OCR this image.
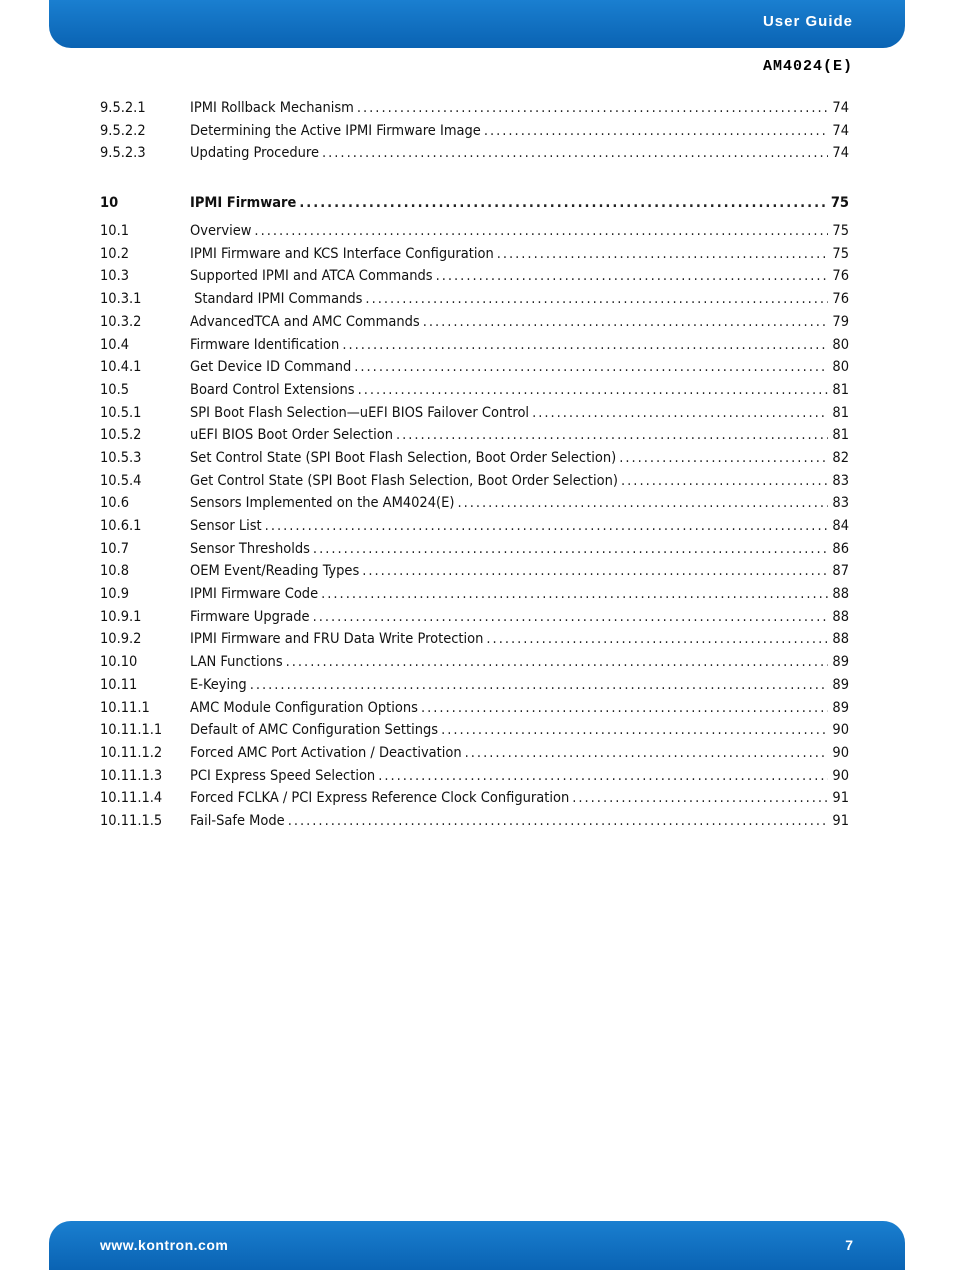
User Guide
AM4024(E)
9.5.2.1	IPMI Rollback Mechanism .....	74
9.5.2.2	Determining the Active IPMI Firmware Image .....	74
9.5.2.3	Updating Procedure .....	74
10	IPMI Firmware .....	75
10.1	Overview .....	75
10.2	IPMI Firmware and KCS Interface Configuration .....	75
10.3	Supported IPMI and ATCA Commands .....	76
10.3.1	Standard IPMI Commands .....	76
10.3.2	AdvancedTCA and AMC Commands .....	79
10.4	Firmware Identification .....	80
10.4.1	Get Device ID Command .....	80
10.5	Board Control Extensions .....	81
10.5.1	SPI Boot Flash Selection—uEFI BIOS Failover Control .....	81
10.5.2	uEFI BIOS Boot Order Selection .....	81
10.5.3	Set Control State (SPI Boot Flash Selection, Boot Order Selection) .....	82
10.5.4	Get Control State (SPI Boot Flash Selection, Boot Order Selection) .....	83
10.6	Sensors Implemented on the AM4024(E) .....	83
10.6.1	Sensor List .....	84
10.7	Sensor Thresholds .....	86
10.8	OEM Event/Reading Types .....	87
10.9	IPMI Firmware Code .....	88
10.9.1	Firmware Upgrade .....	88
10.9.2	IPMI Firmware and FRU Data Write Protection .....	88
10.10	LAN Functions .....	89
10.11	E-Keying .....	89
10.11.1	AMC Module Configuration Options .....	89
10.11.1.1	Default of AMC Configuration Settings .....	90
10.11.1.2	Forced AMC Port Activation / Deactivation .....	90
10.11.1.3	PCI Express Speed Selection .....	90
10.11.1.4	Forced FCLKA / PCI Express Reference Clock Configuration .....	91
10.11.1.5	Fail-Safe Mode .....	91
www.kontron.com	7
